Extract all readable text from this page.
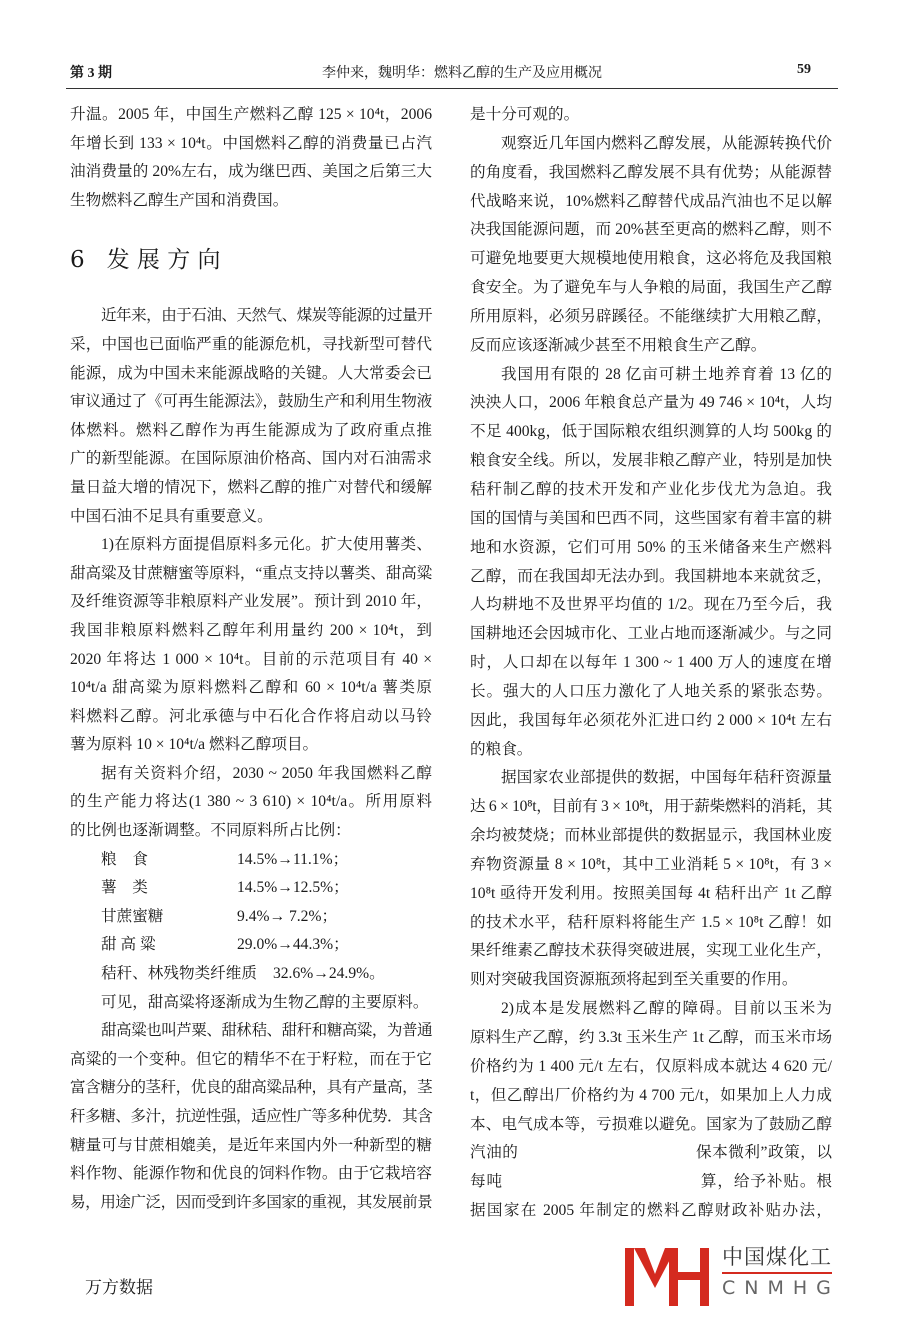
第 3 期	李仲来，魏明华：燃料乙醇的生产及应用概况	59
升温。2005 年，中国生产燃料乙醇 125 × 10⁴t，2006
年增长到 133 × 10⁴t。中国燃料乙醇的消费量已占汽
油消费量的 20%左右，成为继巴西、美国之后第三大
生物燃料乙醇生产国和消费国。
6   发 展 方 向
近年来，由于石油、天然气、煤炭等能源的过量开
采，中国也已面临严重的能源危机，寻找新型可替代
能源，成为中国未来能源战略的关键。人大常委会已
审议通过了《可再生能源法》，鼓励生产和利用生物液
体燃料。燃料乙醇作为再生能源成为了政府重点推
广的新型能源。在国际原油价格高、国内对石油需求
量日益大增的情况下，燃料乙醇的推广对替代和缓解
中国石油不足具有重要意义。
1)在原料方面提倡原料多元化。扩大使用薯类、
甜高粱及甘蔗糖蜜等原料，“重点支持以薯类、甜高粱
及纤维资源等非粮原料产业发展”。预计到 2010 年，
我国非粮原料燃料乙醇年利用量约 200 × 10⁴t，到
2020 年将达 1 000 × 10⁴t。目前的示范项目有 40 ×
10⁴t/a 甜高粱为原料燃料乙醇和 60 × 10⁴t/a 薯类原
料燃料乙醇。河北承德与中石化合作将启动以马铃
薯为原料 10 × 10⁴t/a 燃料乙醇项目。
据有关资料介绍，2030 ~ 2050 年我国燃料乙醇
的生产能力将达(1 380 ~ 3 610) × 10⁴t/a。所用原料
的比例也逐渐调整。不同原料所占比例：
粮　食	14.5%→11.1%；
薯　类	14.5%→12.5%；
甘蔗蜜糖	9.4%→ 7.2%；
甜 高 粱	29.0%→44.3%；
秸秆、林残物类纤维质 32.6%→24.9%。
可见，甜高粱将逐渐成为生物乙醇的主要原料。
甜高粱也叫芦粟、甜秫秸、甜秆和糖高粱，为普通
高粱的一个变种。但它的精华不在于籽粒，而在于它
富含糖分的茎秆，优良的甜高粱品种，具有产量高，茎
秆多糖、多汁，抗逆性强，适应性广等多种优势．其含
糖量可与甘蔗相媲美，是近年来国内外一种新型的糖
料作物、能源作物和优良的饲料作物。由于它栽培容
易，用途广泛，因而受到许多国家的重视，其发展前景
是十分可观的。
观察近几年国内燃料乙醇发展，从能源转换代价
的角度看，我国燃料乙醇发展不具有优势；从能源替
代战略来说，10%燃料乙醇替代成品汽油也不足以解
决我国能源问题，而 20%甚至更高的燃料乙醇，则不
可避免地要更大规模地使用粮食，这必将危及我国粮
食安全。为了避免车与人争粮的局面，我国生产乙醇
所用原料，必须另辟蹊径。不能继续扩大用粮乙醇，
反而应该逐渐减少甚至不用粮食生产乙醇。
我国用有限的 28 亿亩可耕土地养育着 13 亿的
泱泱人口，2006 年粮食总产量为 49 746 × 10⁴t，人均
不足 400kg，低于国际粮农组织测算的人均 500kg 的
粮食安全线。所以，发展非粮乙醇产业，特别是加快
秸秆制乙醇的技术开发和产业化步伐尤为急迫。我
国的国情与美国和巴西不同，这些国家有着丰富的耕
地和水资源，它们可用 50% 的玉米储备来生产燃料
乙醇，而在我国却无法办到。我国耕地本来就贫乏，
人均耕地不及世界平均值的 1/2。现在乃至今后，我
国耕地还会因城市化、工业占地而逐渐减少。与之同
时，人口却在以每年 1 300 ~ 1 400 万人的速度在增
长。强大的人口压力激化了人地关系的紧张态势。
因此，我国每年必须花外汇进口约 2 000 × 10⁴t 左右
的粮食。
据国家农业部提供的数据，中国每年秸秆资源量
达 6 × 10⁸t，目前有 3 × 10⁸t，用于薪柴燃料的消耗，其
余均被焚烧；而林业部提供的数据显示，我国林业废
弃物资源量 8 × 10⁸t，其中工业消耗 5 × 10⁸t，有 3 ×
10⁸t 亟待开发利用。按照美国每 4t 秸秆出产 1t 乙醇
的技术水平，秸秆原料将能生产 1.5 × 10⁸t 乙醇！如
果纤维素乙醇技术获得突破进展，实现工业化生产，
则对突破我国资源瓶颈将起到至关重要的作用。
2)成本是发展燃料乙醇的障碍。目前以玉米为
原料生产乙醇，约 3.3t 玉米生产 1t 乙醇，而玉米市场
价格约为 1 400 元/t 左右，仅原料成本就达 4 620 元/
t，但乙醇出厂价格约为 4 700 元/t，如果加上人力成
本、电气成本等，亏损难以避免。国家为了鼓励乙醇
汽油的　　　　　　　　　　　保本微利”政策，以
每吨　　　　　　　　　　　　算，给予补贴。根
据国家在 2005 年制定的燃料乙醇财政补贴办法，
中国煤化工
CNMHG
万方数据
